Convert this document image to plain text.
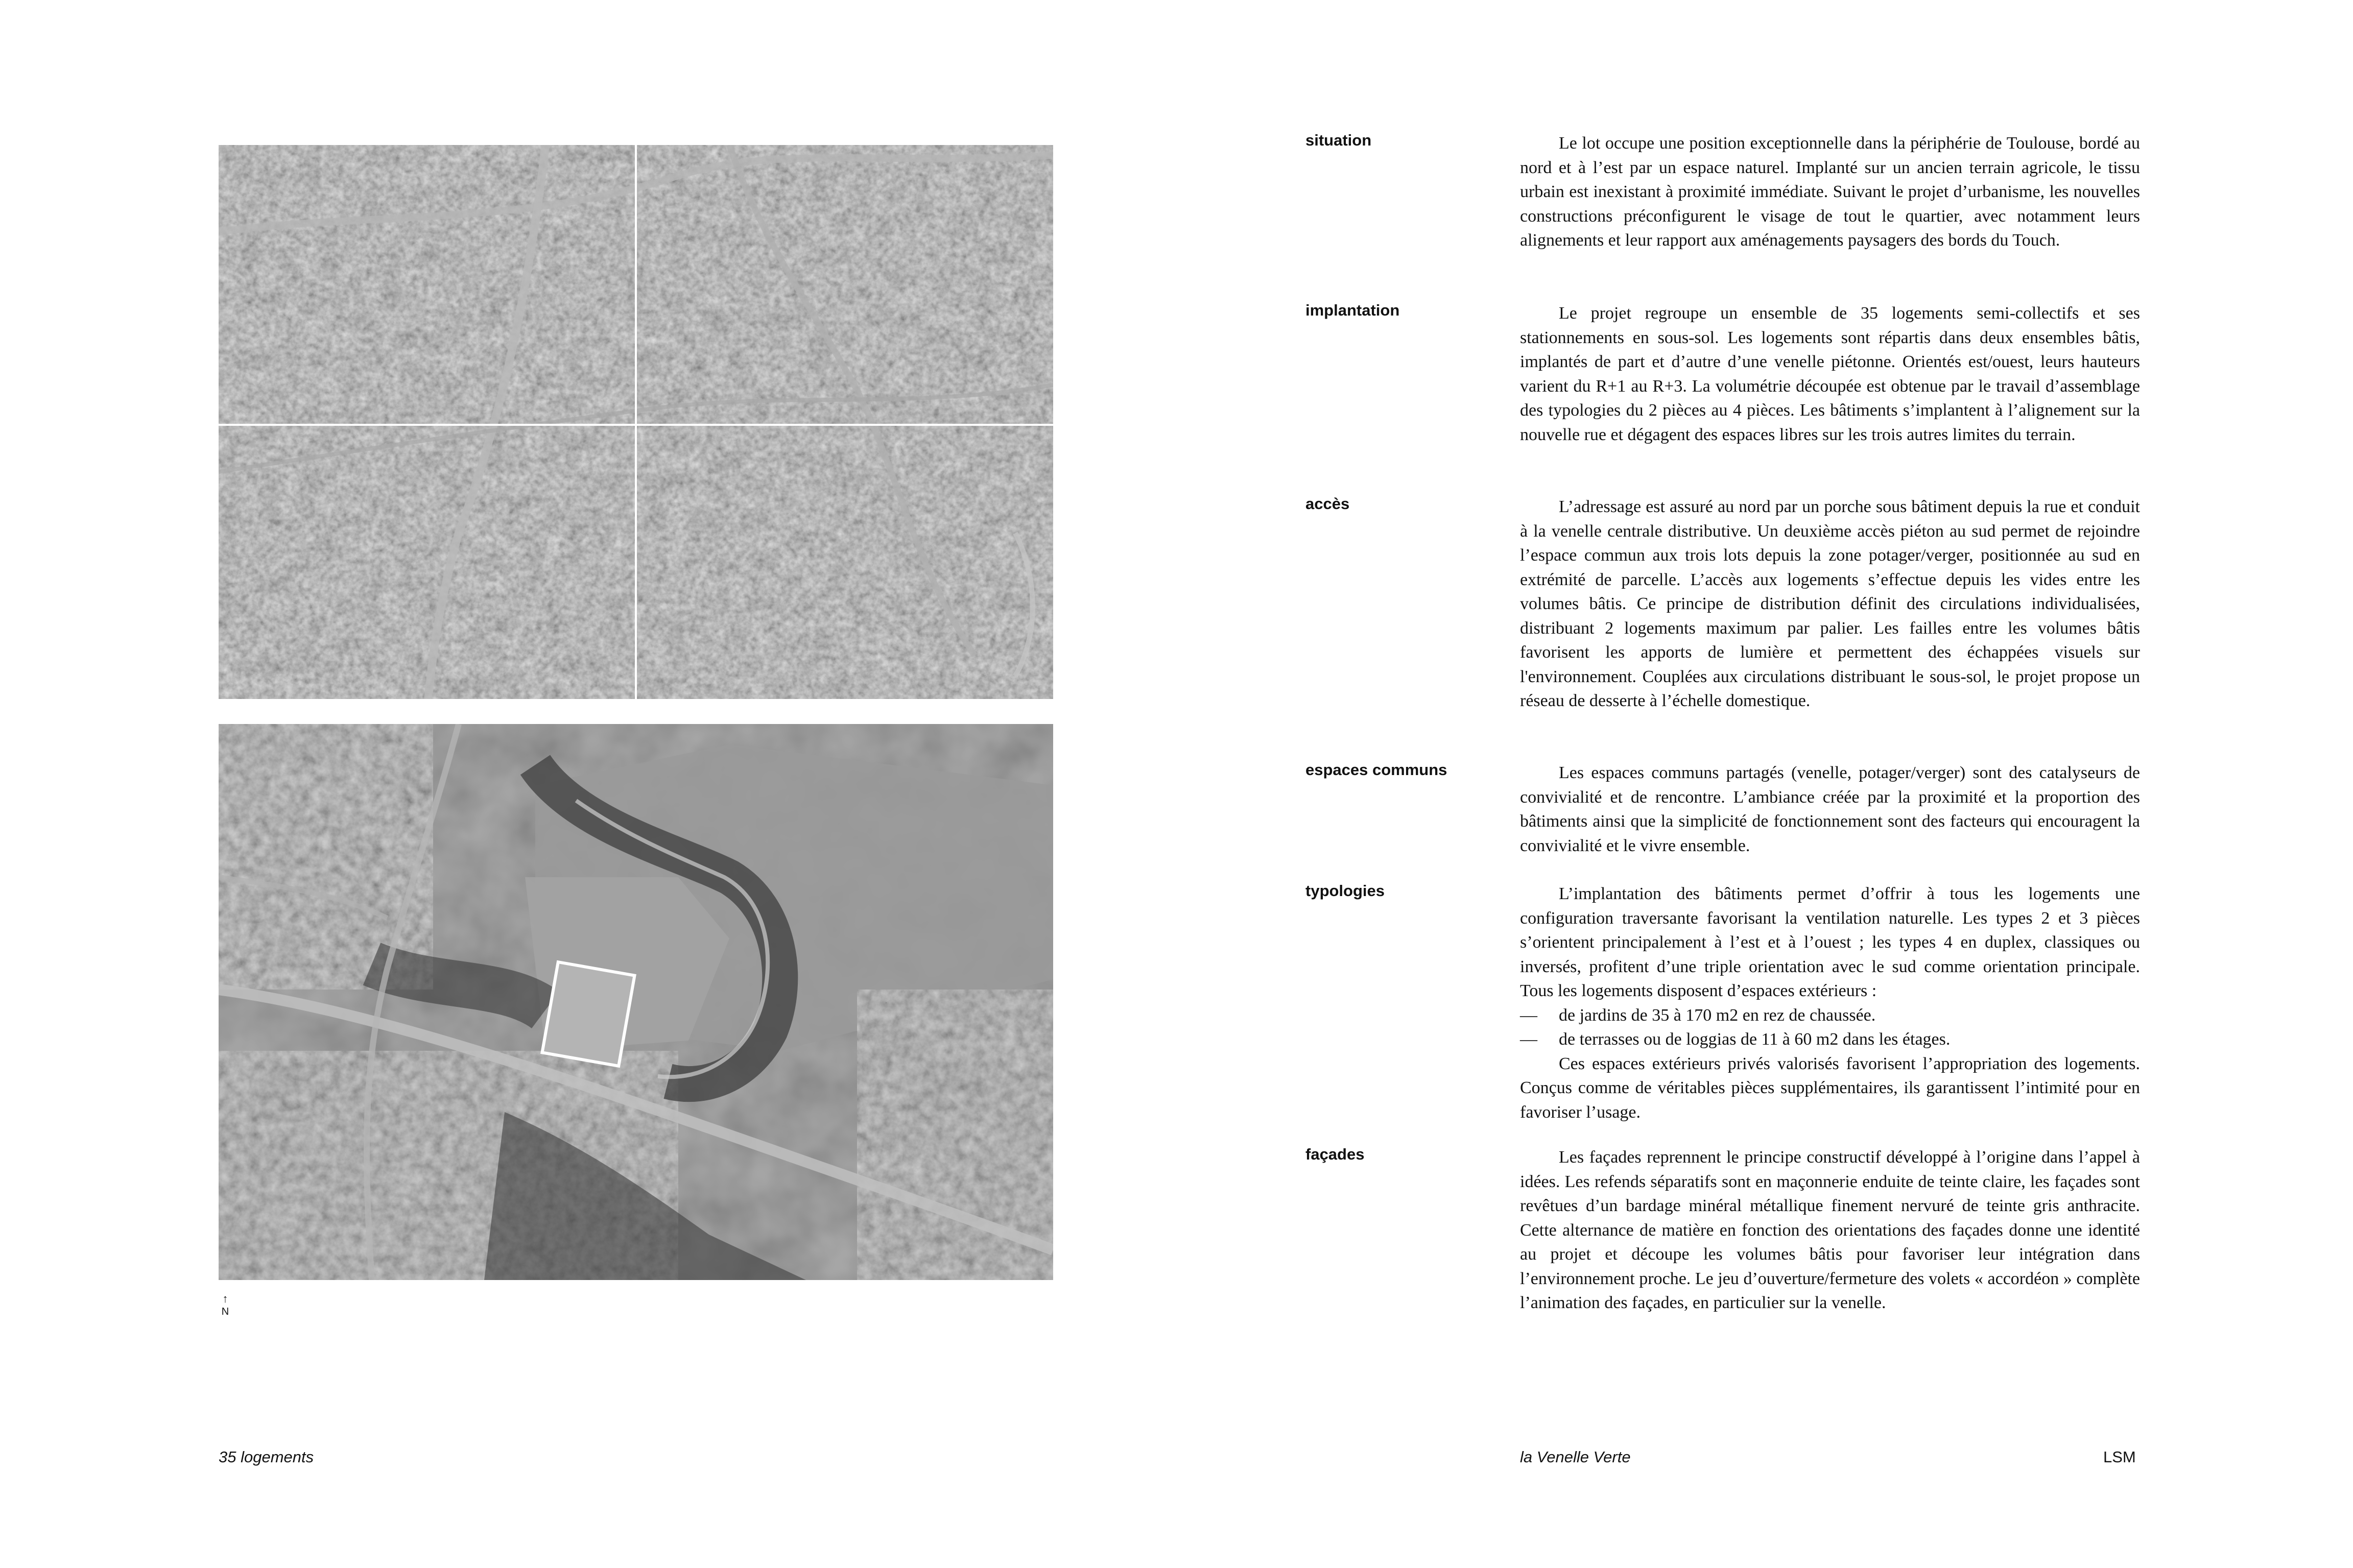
↑
N
situation	Le lot occupe une position exceptionnelle dans la périphérie de Toulouse, bordé au nord et à l’est par un espace naturel. Implanté sur un ancien terrain agricole, le tissu urbain est inexistant à proximité immédiate. Suivant le projet d’urbanisme, les nouvelles constructions préconfigurent le visage de tout le quartier, avec notamment leurs alignements et leur rapport aux aménagements paysagers des bords du Touch.

implantation	Le projet regroupe un ensemble de 35 logements semi-collectifs et ses stationnements en sous-sol. Les logements sont répartis dans deux ensembles bâtis, implantés de part et d’autre d’une venelle piétonne. Orientés est/ouest, leurs hauteurs varient du R+1 au R+3. La volumétrie découpée est obtenue par le travail d’assemblage des typologies du 2 pièces au 4 pièces. Les bâtiments s’implantent à l’alignement sur la nouvelle rue et dégagent des espaces libres sur les trois autres limites du terrain.

accès	L’adressage est assuré au nord par un porche sous bâtiment depuis la rue et conduit à la venelle centrale distributive. Un deuxième accès piéton au sud permet de rejoindre l’espace commun aux trois lots depuis la zone potager/verger, positionnée au sud en extrémité de parcelle. L’accès aux logements s’effectue depuis les vides entre les volumes bâtis. Ce principe de distribution définit des circulations individualisées, distribuant 2 logements maximum par palier. Les failles entre les volumes bâtis favorisent les apports de lumière et permettent des échappées visuels sur l'environnement. Couplées aux circulations distribuant le sous-sol, le projet propose un réseau de desserte à l’échelle domestique.

espaces communs	Les espaces communs partagés (venelle, potager/verger) sont des catalyseurs de convivialité et de rencontre. L’ambiance créée par la proximité et la proportion des bâtiments ainsi que la simplicité de fonctionnement sont des facteurs qui encouragent la convivialité et le vivre ensemble.

typologies	L’implantation des bâtiments permet d’offrir à tous les logements une configuration traversante favorisant la ventilation naturelle. Les types 2 et 3 pièces s’orientent principalement à l’est et à l’ouest ; les types 4 en duplex, classiques ou inversés, profitent d’une triple orientation avec le sud comme orientation principale. Tous les logements disposent d’espaces extérieurs :

— de jardins de 35 à 170 m2 en rez de chaussée.

— de terrasses ou de loggias de 11 à 60 m2 dans les étages.

Ces espaces extérieurs privés valorisés favorisent l’appropriation des logements. Conçus comme de véritables pièces supplémentaires, ils garantissent l’intimité pour en favoriser l’usage.

façades	Les façades reprennent le principe constructif développé à l’origine dans l’appel à idées. Les refends séparatifs sont en maçonnerie enduite de teinte claire, les façades sont revêtues d’un bardage minéral métallique finement nervuré de teinte gris anthracite. Cette alternance de matière en fonction des orientations des façades donne une identité au projet et découpe les volumes bâtis pour favoriser leur intégration dans l’environnement proche. Le jeu d’ouverture/fermeture des volets « accordéon » complète l’animation des façades, en particulier sur la venelle.

35 logements	la Venelle Verte	LSM
